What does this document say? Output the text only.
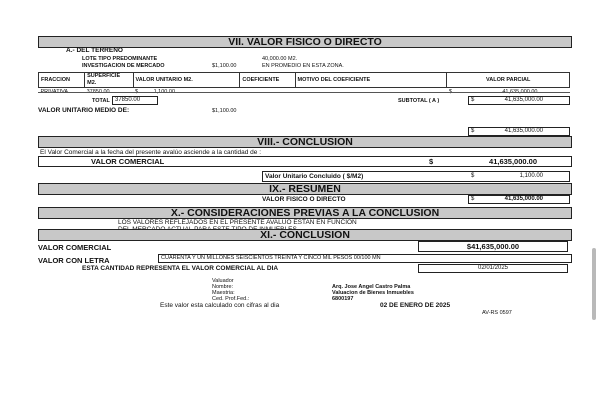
VII. VALOR FISICO O DIRECTO
A.- DEL TERRENO
LOTE TIPO PREDOMINANTE	40,000.00 M2.
INVESTIGACION DE MERCADO	$1,100.00	EN PROMEDIO EN ESTA ZONA.
FRACCION	SUPERFICIE M2.	VALOR UNITARIO M2.	COEFICIENTE	MOTIVO DEL COEFICIENTE	VALOR PARCIAL
PRIVATIVA	37850.00	$ 1,100.00			$ 41,635,000.00
TOTAL 37850.00	SUBTOTAL ( A )	$	41,635,000.00
VALOR UNITARIO MEDIO DE:	$1,100.00
$	41,635,000.00
VIII.- CONCLUSION
El Valor Comercial a la fecha del presente avalúo asciende a la cantidad de :
VALOR COMERCIAL	$	41,635,000.00
Valor Unitario Concluido ( $/M2)	$	1,100.00
IX.- RESUMEN
VALOR FISICO O DIRECTO	$	41,635,000.00
X.- CONSIDERACIONES PREVIAS A LA CONCLUSION
LOS VALORES REFLEJADOS EN EL PRESENTE AVALUO ESTAN EN FUNCION
XI.- CONCLUSION
VALOR COMERCIAL	$41,635,000.00
VALOR CON LETRA	CUARENTA Y UN MILLONES SEISCIENTOS TREINTA Y CINCO MIL PESOS 00/100 MN
ESTA CANTIDAD REPRESENTA EL VALOR COMERCIAL AL DIA	02/01/2025
Valuador
Nombre:	Arq. Jose Angel Castro Palma
Maestria:	Valuacion de Bienes Inmuebles
Ced. Prof.Fed.:	6800197
Este valor esta calculado con cifras al dia	02 DE ENERO DE 2025
AV-RS 0597
